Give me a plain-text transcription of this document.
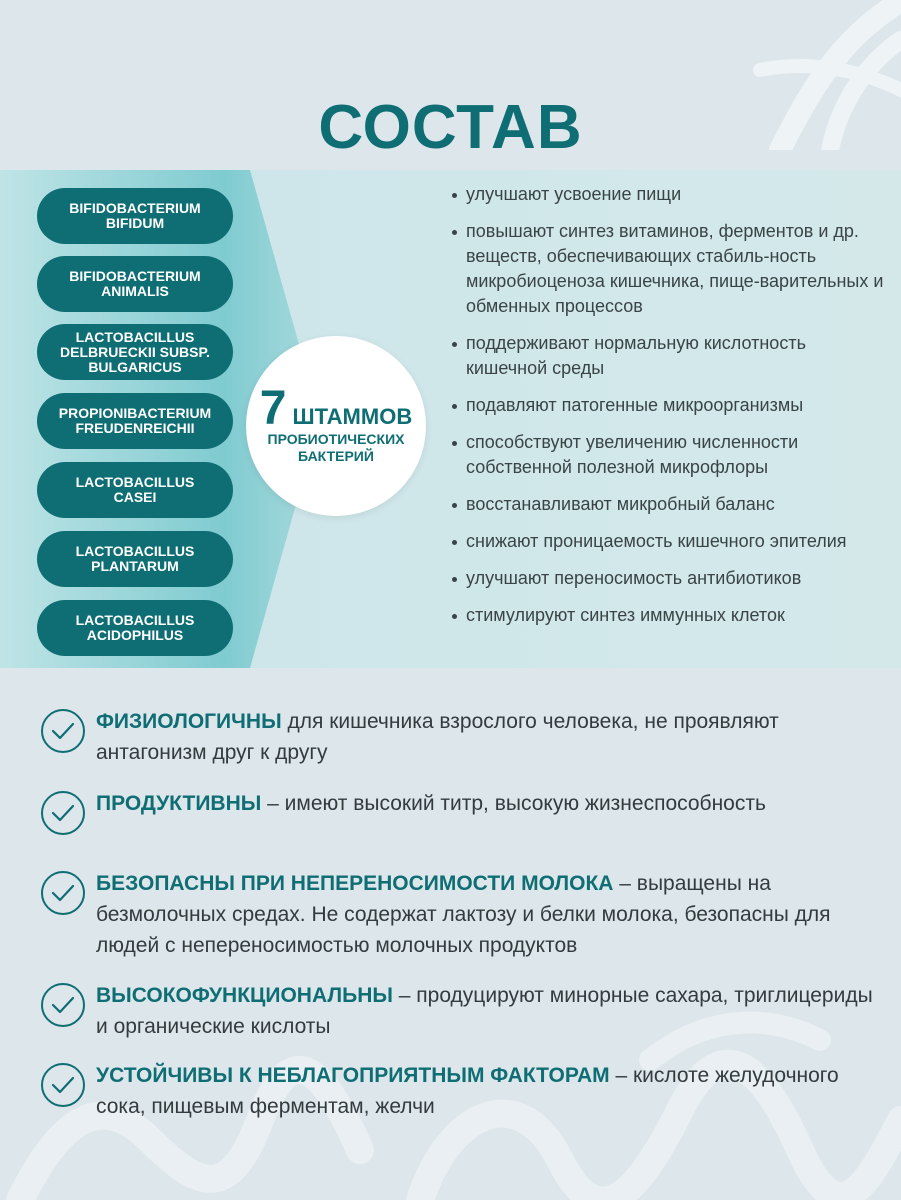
СОСТАВ
BIFIDOBACTERIUM
BIFIDUM
BIFIDOBACTERIUM
ANIMALIS
LACTOBACILLUS
DELBRUECKII SUBSP.
BULGARICUS
PROPIONIBACTERIUM
FREUDENREICHII
LACTOBACILLUS
CASEI
LACTOBACILLUS
PLANTARUM
LACTOBACILLUS
ACIDOPHILUS
7 ШТАММОВ
ПРОБИОТИЧЕСКИХ
БАКТЕРИЙ
улучшают усвоение пищи
повышают синтез витаминов, ферментов и др. веществ, обеспечивающих стабиль-ность микробиоценоза кишечника, пище-варительных и обменных процессов
поддерживают нормальную кислотность кишечной среды
подавляют патогенные микроорганизмы
способствуют увеличению численности собственной полезной микрофлоры
восстанавливают микробный баланс
снижают проницаемость кишечного эпителия
улучшают переносимость антибиотиков
стимулируют синтез иммунных клеток

ФИЗИОЛОГИЧНЫ для кишечника взрослого человека, не проявляют антагонизм друг к другу

ПРОДУКТИВНЫ – имеют высокий титр, высокую жизнеспособность

БЕЗОПАСНЫ ПРИ НЕПЕРЕНОСИМОСТИ МОЛОКА – выращены на безмолочных средах. Не содержат лактозу и белки молока, безопасны для людей с непереносимостью молочных продуктов

ВЫСОКОФУНКЦИОНАЛЬНЫ – продуцируют минорные сахара, триглицериды и органические кислоты

УСТОЙЧИВЫ К НЕБЛАГОПРИЯТНЫМ ФАКТОРАМ – кислоте желудочного сока, пищевым ферментам, желчи
